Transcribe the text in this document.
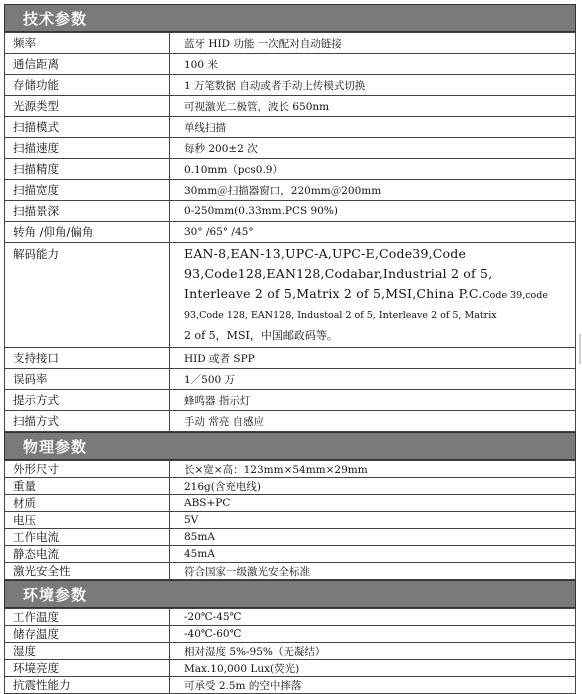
技术参数
频率	蓝牙 HID 功能 一次配对自动链接
通信距离	100 米
存储功能	1 万笔数据 自动或者手动上传模式切换
光源类型	可视激光二极管，波长 650nm
扫描模式	单线扫描
扫描速度	每秒 200±2 次
扫描精度	0.10mm（pcs0.9）
扫描宽度	30mm＠扫描器窗口，220mm＠200mm
扫描景深	0-250mm(0.33mm.PCS 90%)
转角 /仰角/偏角	30° /65° /45°
解码能力	EAN-8,EAN-13,UPC-A,UPC-E,Code39,Code
93,Code128,EAN128,Codabar,Industrial 2 of 5,
Interleave 2 of 5,Matrix 2 of 5,MSI,China P.C.Code 39,code
93,Code 128, EAN128, Industoal 2 of 5, Interleave 2 of 5, Matrix
2 of 5，MSI，中国邮政码等。

支持接口	HID 或者 SPP
误码率	1／500 万
提示方式	蜂鸣器 指示灯
扫描方式	手动 常亮 自感应
物理参数
外形尺寸	长×宽×高：123mm×54mm×29mm
重量	216g(含充电线)
材质	ABS+PC
电压	5V
工作电流	85mA
静态电流	45mA
激光安全性	符合国家一级激光安全标准
环境参数
工作温度	-20℃-45℃
储存温度	-40℃-60℃
湿度	相对湿度 5%-95%（无凝结）
环境亮度	Max.10,000 Lux(荧光)
抗震性能力	可承受 2.5m 的空中摔落
